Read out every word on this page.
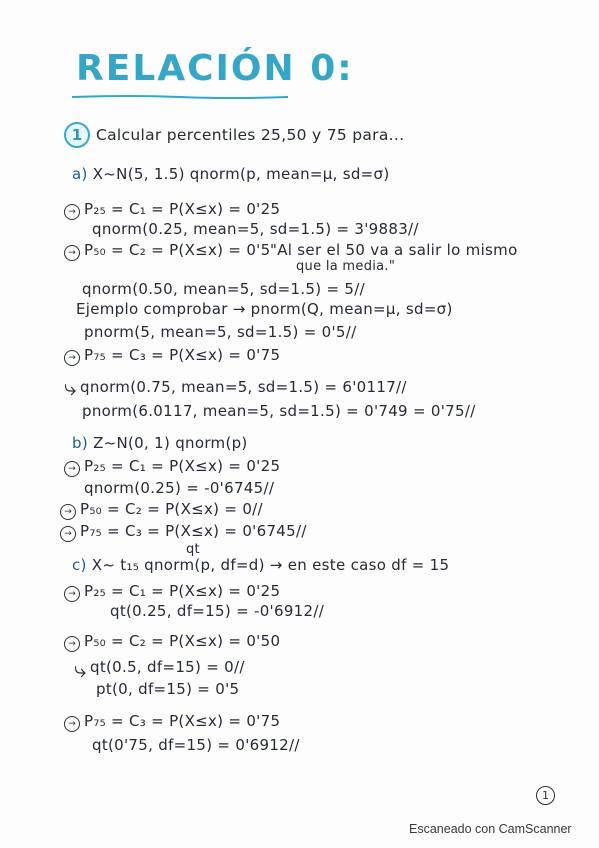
RELACIÓN 0:
1 Calcular percentiles 25,50 y 75 para...
a) X~N(5, 1.5) qnorm(p, mean=μ, sd=σ)
→ P₂₅ = C₁ = P(X≤x) = 0'25
qnorm(0.25, mean=5, sd=1.5) = 3'9883//
→ P₅₀ = C₂ = P(X≤x) = 0'5 "Al ser el 50 va a salir lo mismo
que la media."
qnorm(0.50, mean=5, sd=1.5) = 5//
Ejemplo comprobar → pnorm(Q, mean=μ, sd=σ)
pnorm(5, mean=5, sd=1.5) = 0'5//
→ P₇₅ = C₃ = P(X≤x) = 0'75
⤷ qnorm(0.75, mean=5, sd=1.5) = 6'0117//
pnorm(6.0117, mean=5, sd=1.5) = 0'749 = 0'75//
b) Z~N(0, 1) qnorm(p)
→ P₂₅ = C₁ = P(X≤x) = 0'25
qnorm(0.25) = -0'6745//
→ P₅₀ = C₂ = P(X≤x) = 0//
→ P₇₅ = C₃ = P(X≤x) = 0'6745//
qt
c) X~ t₁₅ qnorm(p, df=d) → en este caso df = 15
→ P₂₅ = C₁ = P(X≤x) = 0'25
qt(0.25, df=15) = -0'6912//
→ P₅₀ = C₂ = P(X≤x) = 0'50
⤷ qt(0.5, df=15) = 0//
pt(0, df=15) = 0'5
→ P₇₅ = C₃ = P(X≤x) = 0'75
qt(0'75, df=15) = 0'6912//
1
Escaneado con CamScanner
